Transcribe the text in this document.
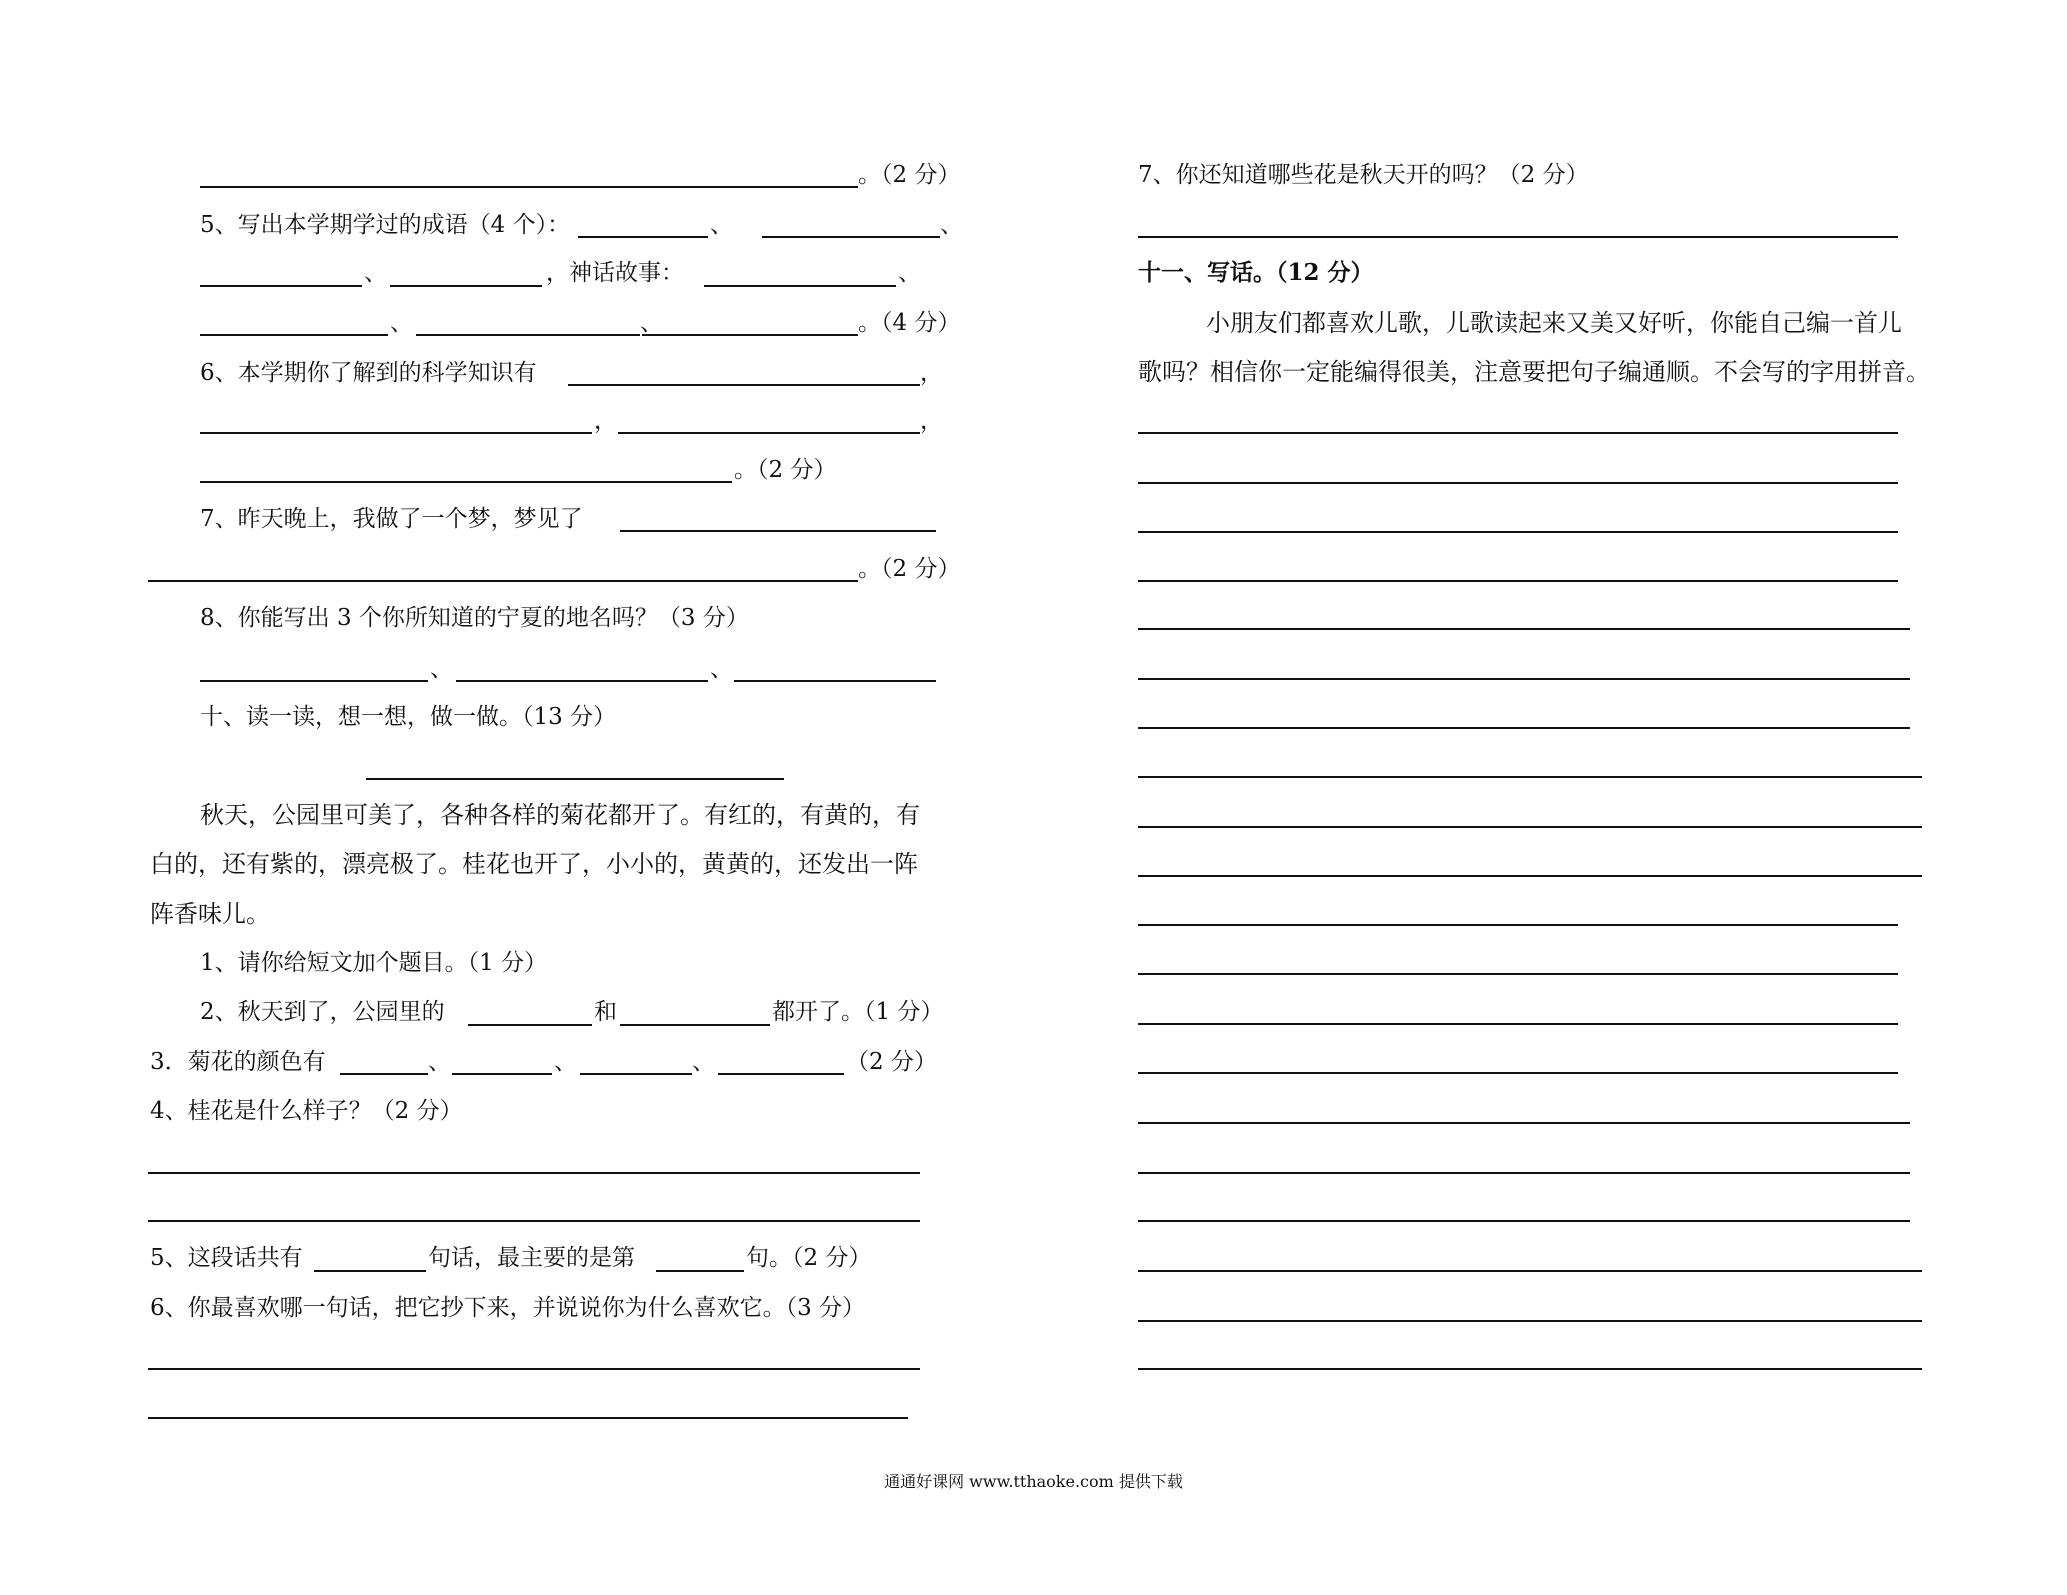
。（2 分）
5、写出本学期学过的成语（4 个）：	、	、
、	，神话故事：	、
、	、	。（4 分）
6、本学期你了解到的科学知识有	，
，	，
。（2 分）
7、昨天晚上，我做了一个梦，梦见了
。（2 分）
8、你能写出 3 个你所知道的宁夏的地名吗？（3 分）
、	、
十、读一读，想一想，做一做。（13 分）
秋天，公园里可美了，各种各样的菊花都开了。有红的，有黄的，有
白的，还有紫的，漂亮极了。桂花也开了，小小的，黄黄的，还发出一阵
阵香味儿。
1、请你给短文加个题目。（1 分）
2、秋天到了，公园里的	和	都开了。（1 分）
3．菊花的颜色有	、	、	、	（2 分）
4、桂花是什么样子？（2 分）
5、这段话共有	句话，最主要的是第	句。（2 分）
6、你最喜欢哪一句话，把它抄下来，并说说你为什么喜欢它。（3 分）
7、你还知道哪些花是秋天开的吗？（2 分）
十一、写话。（12 分）
小朋友们都喜欢儿歌，儿歌读起来又美又好听，你能自己编一首儿
歌吗？相信你一定能编得很美，注意要把句子编通顺。不会写的字用拼音。
通通好课网 www.tthaoke.com 提供下载
